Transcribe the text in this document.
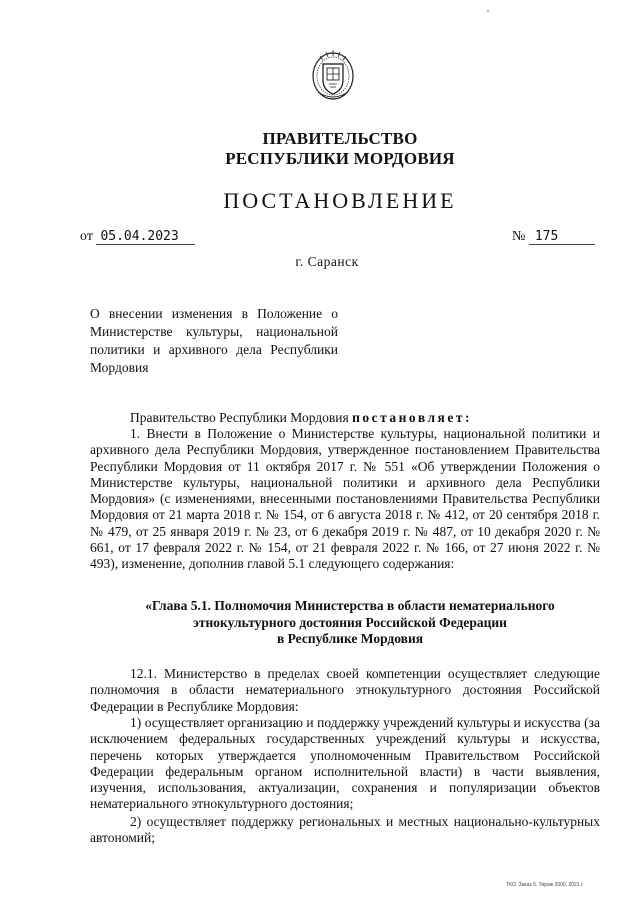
ПРАВИТЕЛЬСТВО
РЕСПУБЛИКИ МОРДОВИЯ
ПОСТАНОВЛЕНИЕ
от 05.04.2023	№ 175
г. Саранск
О внесении изменения в Положение о Министерстве культуры, национальной политики и архивного дела Республики Мордовия
Правительство Республики Мордовия постановляет:
1. Внести в Положение о Министерстве культуры, национальной политики и архивного дела Республики Мордовия, утвержденное постановлением Правительства Республики Мордовия от 11 октября 2017 г. № 551 «Об утверждении Положения о Министерстве культуры, национальной политики и архивного дела Республики Мордовия» (с изменениями, внесенными постановлениями Правительства Республики Мордовия от 21 марта 2018 г. № 154, от 6 августа 2018 г. № 412, от 20 сентября 2018 г. № 479, от 25 января 2019 г. № 23, от 6 декабря 2019 г. № 487, от 10 декабря 2020 г. № 661, от 17 февраля 2022 г. № 154, от 21 февраля 2022 г. № 166, от 27 июня 2022 г. № 493), изменение, дополнив главой 5.1 следующего содержания:
«Глава 5.1. Полномочия Министерства в области нематериального
этнокультурного достояния Российской Федерации
в Республике Мордовия
12.1. Министерство в пределах своей компетенции осуществляет следующие полномочия в области нематериального этнокультурного достояния Российской Федерации в Республике Мордовия:
1) осуществляет организацию и поддержку учреждений культуры и искусства (за исключением федеральных государственных учреждений культуры и искусства, перечень которых утверждается уполномоченным Правительством Российской Федерации федеральным органом исполнительной власти) в части выявления, изучения, использования, актуализации, сохранения и популяризации объектов нематериального этнокультурного достояния;
2) осуществляет поддержку региональных и местных национально-культурных автономий;
ТКО. Заказ 5. Тираж 2000. 2021 г.
